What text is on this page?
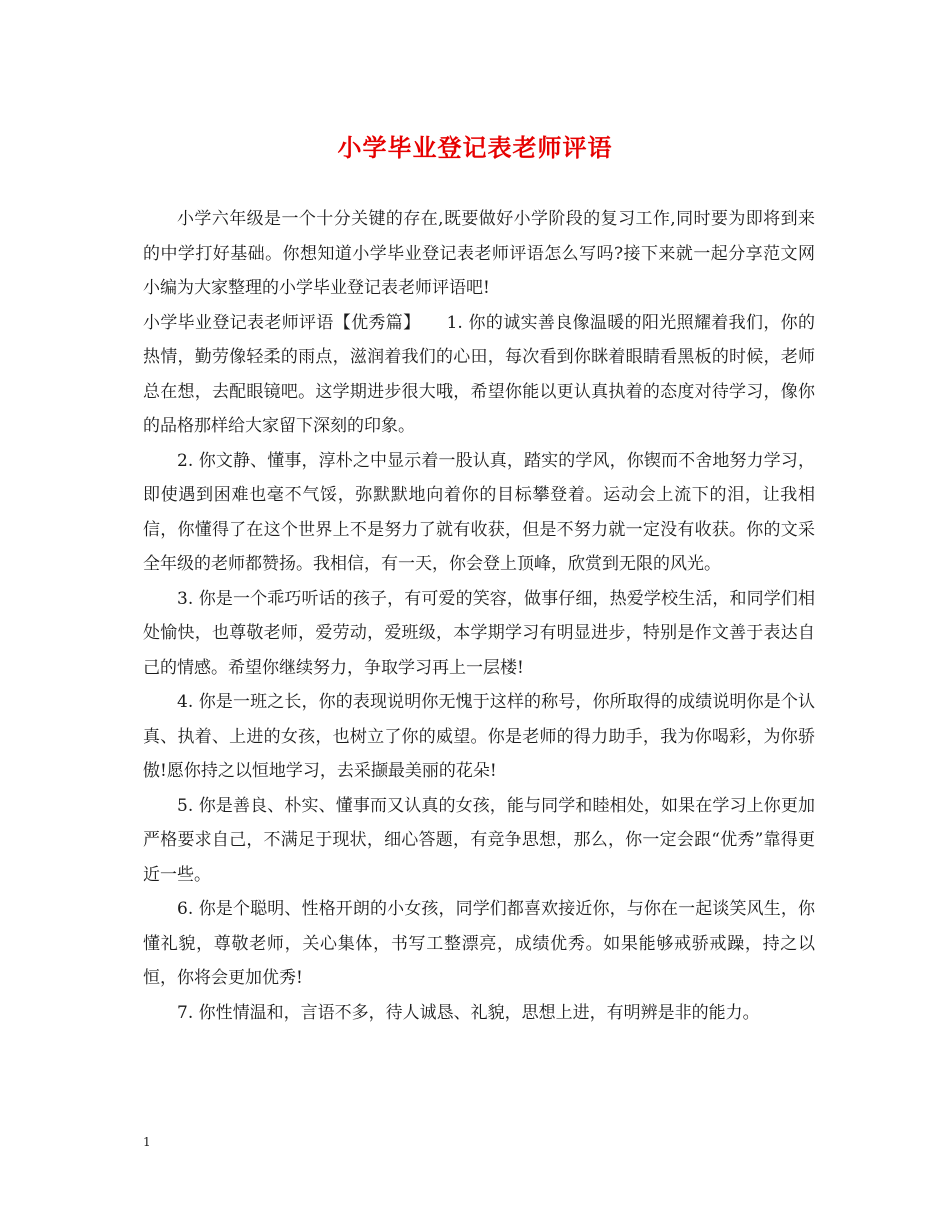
小学毕业登记表老师评语

小学六年级是一个十分关键的存在,既要做好小学阶段的复习工作,同时要为即将到来的中学打好基础。你想知道小学毕业登记表老师评语怎么写吗?接下来就一起分享范文网小编为大家整理的小学毕业登记表老师评语吧!

小学毕业登记表老师评语【优秀篇】　　1. 你的诚实善良像温暖的阳光照耀着我们，你的热情，勤劳像轻柔的雨点，滋润着我们的心田，每次看到你眯着眼睛看黑板的时候，老师总在想，去配眼镜吧。这学期进步很大哦，希望你能以更认真执着的态度对待学习，像你的品格那样给大家留下深刻的印象。

2. 你文静、懂事，淳朴之中显示着一股认真，踏实的学风，你锲而不舍地努力学习，即使遇到困难也毫不气馁，弥默默地向着你的目标攀登着。运动会上流下的泪，让我相信，你懂得了在这个世界上不是努力了就有收获，但是不努力就一定没有收获。你的文采全年级的老师都赞扬。我相信，有一天，你会登上顶峰，欣赏到无限的风光。

3. 你是一个乖巧听话的孩子，有可爱的笑容，做事仔细，热爱学校生活，和同学们相处愉快，也尊敬老师，爱劳动，爱班级，本学期学习有明显进步，特别是作文善于表达自己的情感。希望你继续努力，争取学习再上一层楼!

4. 你是一班之长，你的表现说明你无愧于这样的称号，你所取得的成绩说明你是个认真、执着、上进的女孩，也树立了你的威望。你是老师的得力助手，我为你喝彩，为你骄傲!愿你持之以恒地学习，去采撷最美丽的花朵!

5. 你是善良、朴实、懂事而又认真的女孩，能与同学和睦相处，如果在学习上你更加严格要求自己，不满足于现状，细心答题，有竞争思想，那么，你一定会跟“优秀”靠得更近一些。

6. 你是个聪明、性格开朗的小女孩，同学们都喜欢接近你，与你在一起谈笑风生，你懂礼貌，尊敬老师，关心集体，书写工整漂亮，成绩优秀。如果能够戒骄戒躁，持之以恒，你将会更加优秀!

7. 你性情温和，言语不多，待人诚恳、礼貌，思想上进，有明辨是非的能力。

1
